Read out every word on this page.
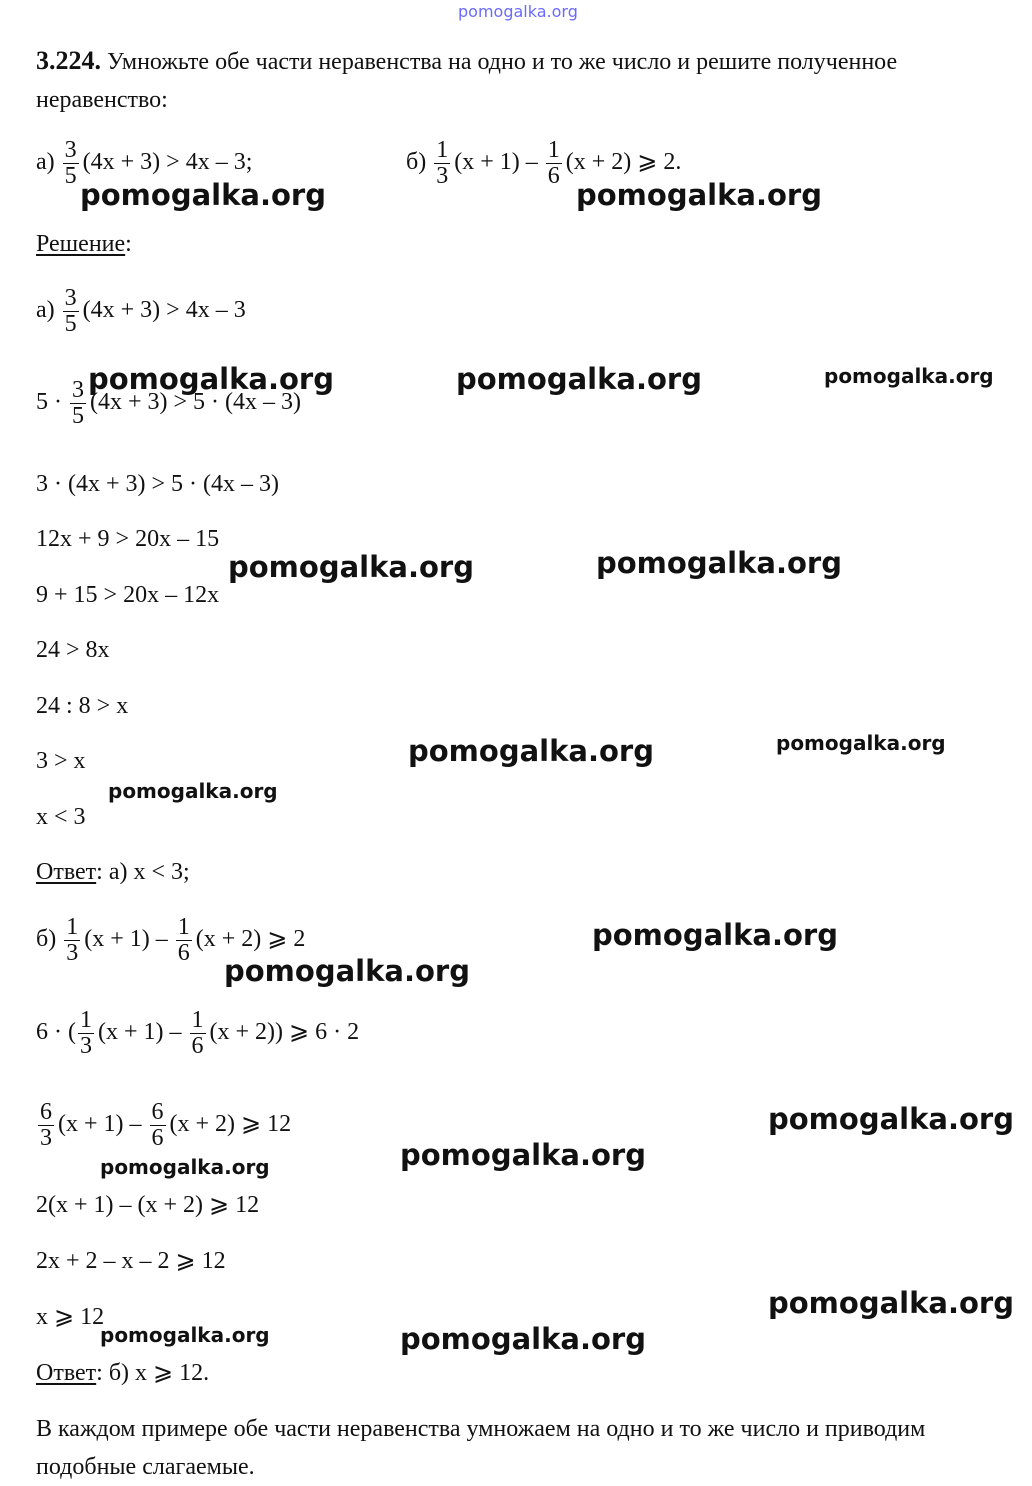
pomogalka.org
3.224. Умножьте обе части неравенства на одно и то же число и решите полученное неравенство:
$а) \frac{3}{5} (4x + 3) > 4x - 3$;	$б) \frac{1}{3} (x + 1) - \frac{1}{6} (x + 2)$ ⩾ 2.
Решение:
$а) \frac{3}{5} (4x + 3) > 4x - 3$
$5 \cdot \frac{3}{5} (4x + 3) > 5 \cdot (4x - 3)$
3 · (4x + 3) > 5 · (4x – 3)
12x + 9 > 20x – 15
9 + 15 > 20x – 12x
24 > 8x
24 : 8 > x
3 > x
x < 3
Ответ: а) x < 3;
$б) \frac{1}{3} (x + 1) - \frac{1}{6} (x + 2)$ ⩾ 2
6 · ( $\frac{1}{3} (x + 1) - \frac{1}{6} (x + 2)$) ⩾ 6 · 2
$\frac{6}{3} (x + 1) - \frac{6}{6} (x + 2)$ ⩾ 12
2(x + 1) – (x + 2) ⩾ 12
2x + 2 – x – 2 ⩾ 12
x ⩾ 12
Ответ: б) x ⩾ 12.
В каждом примере обе части неравенства умножаем на одно и то же число и приводим подобные слагаемые.
pomogalka.org	pomogalka.org
pomogalka.org	pomogalka.org	pomogalka.org
pomogalka.org	pomogalka.org
pomogalka.org	pomogalka.org
pomogalka.org
pomogalka.org
pomogalka.org
pomogalka.org
pomogalka.org
pomogalka.org
pomogalka.org
pomogalka.org	pomogalka.org
pomogalka.org
